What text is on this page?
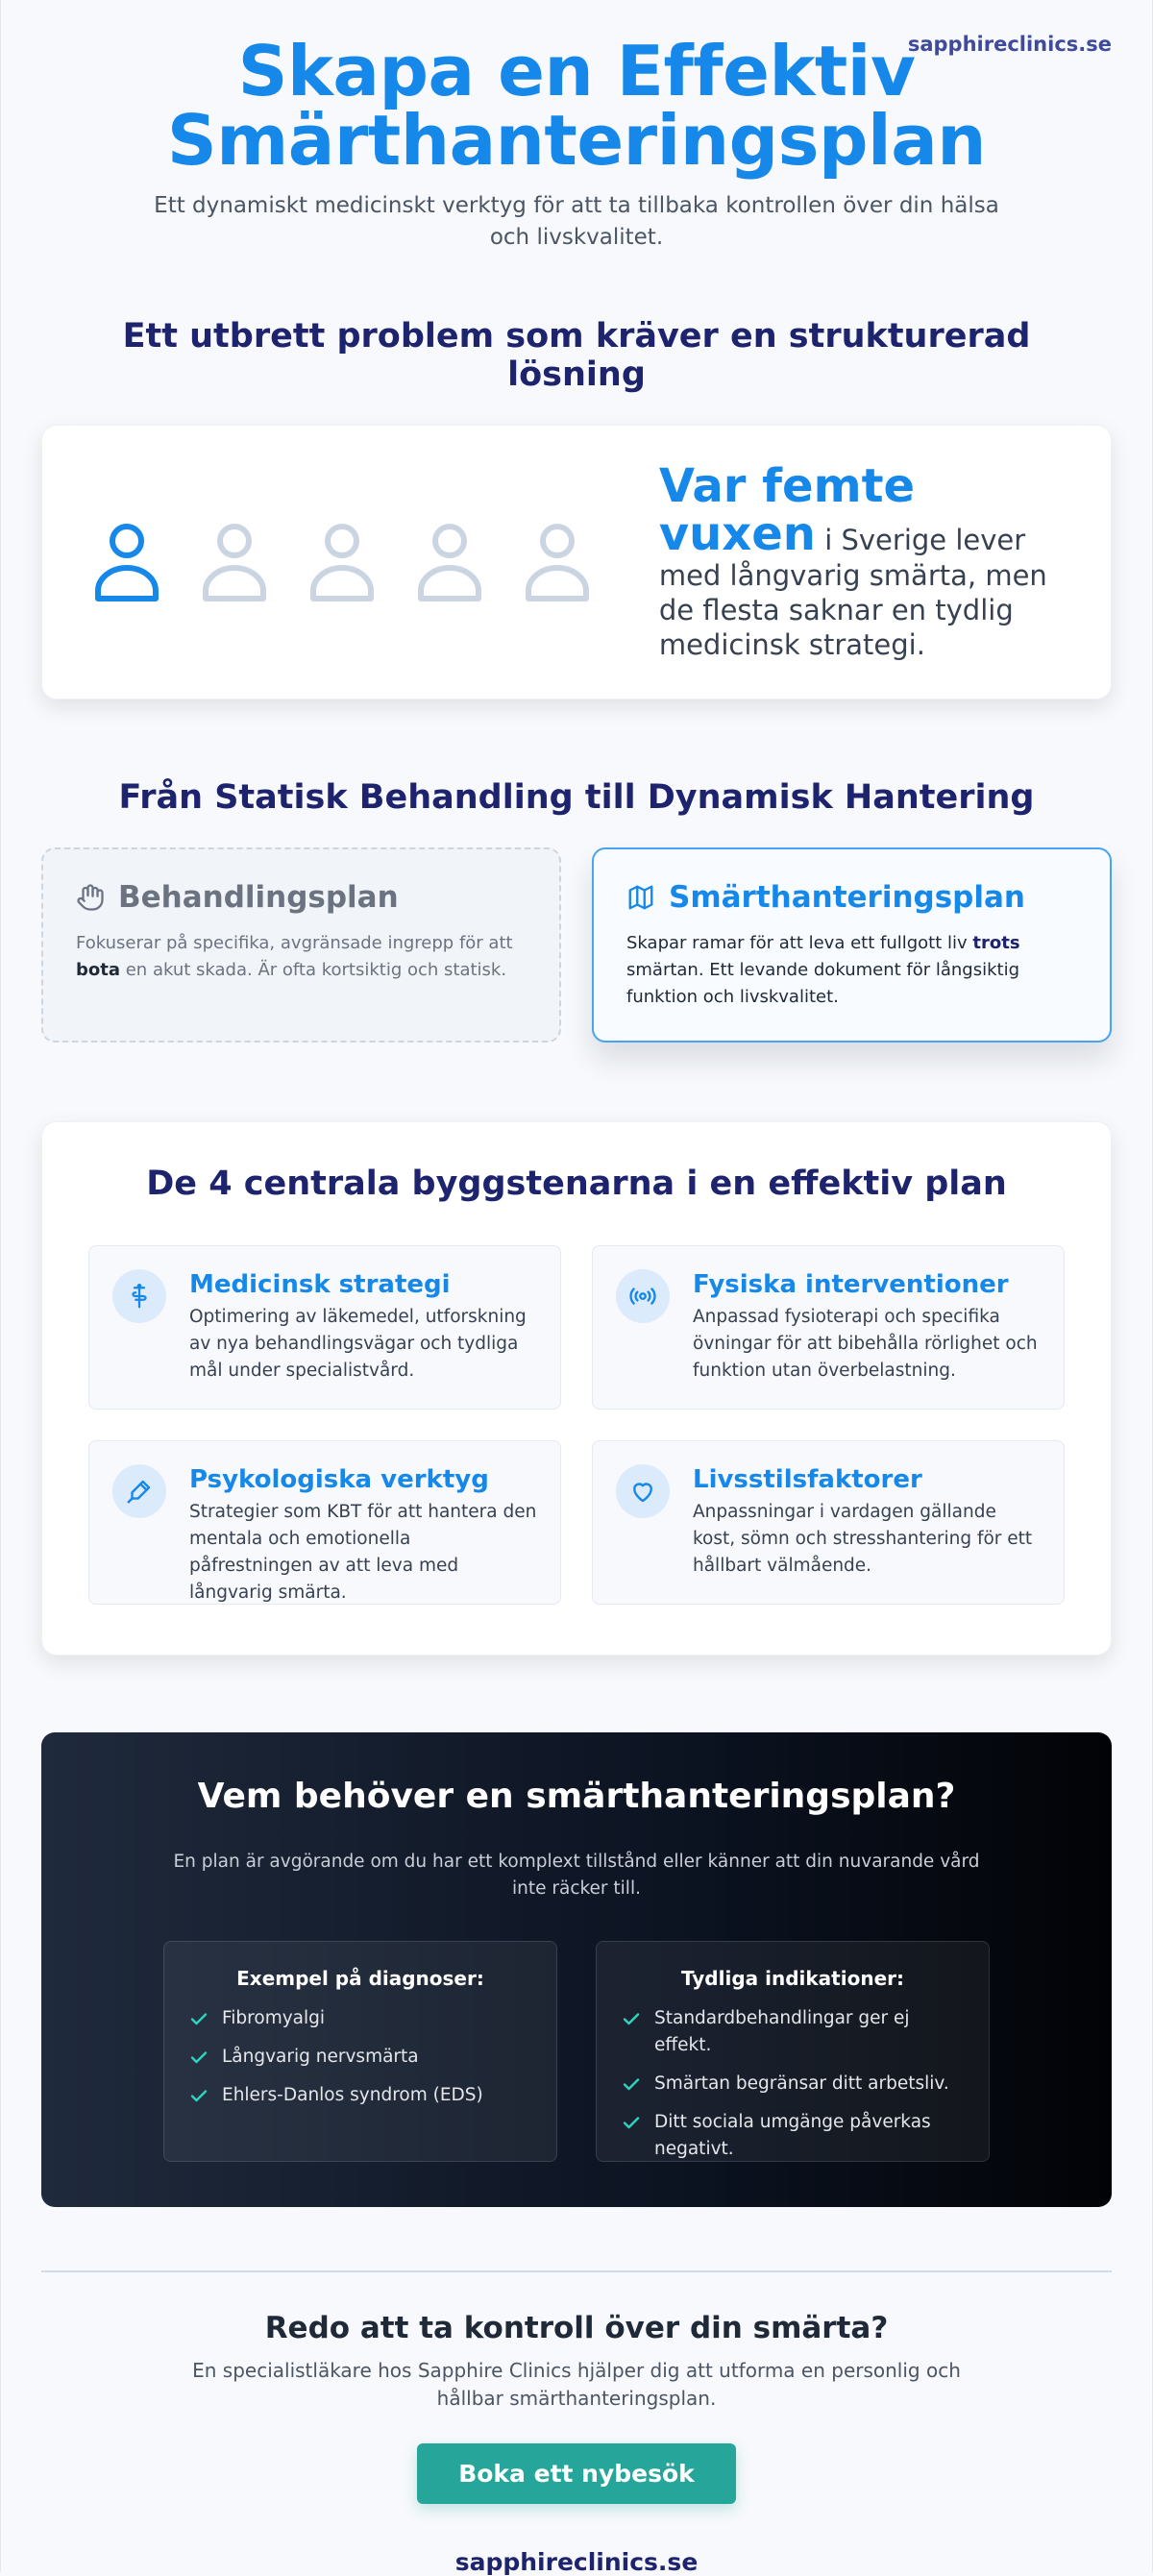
sapphireclinics.se
Skapa en Effektiv
Smärthanteringsplan

Ett dynamiskt medicinskt verktyg för att ta tillbaka kontrollen över din hälsa och livskvalitet.

Ett utbrett problem som kräver en strukturerad lösning

Var femte vuxen i Sverige lever med långvarig smärta, men de flesta saknar en tydlig medicinsk strategi.

Från Statisk Behandling till Dynamisk Hantering
Behandlingsplan

Fokuserar på specifika, avgränsade ingrepp för att bota en akut skada. Är ofta kortsiktig och statisk.

Smärthanteringsplan

Skapar ramar för att leva ett fullgott liv trots smärtan. Ett levande dokument för långsiktig funktion och livskvalitet.

De 4 centrala byggstenarna i en effektiv plan
Medicinsk strategi
Optimering av läkemedel, utforskning av nya behandlingsvägar och tydliga mål under specialistvård.
Fysiska interventioner
Anpassad fysioterapi och specifika övningar för att bibehålla rörlighet och funktion utan överbelastning.
Psykologiska verktyg
Strategier som KBT för att hantera den mentala och emotionella påfrestningen av att leva med långvarig smärta.
Livsstilsfaktorer
Anpassningar i vardagen gällande kost, sömn och stresshantering för ett hållbart välmående.
Vem behöver en smärthanteringsplan?

En plan är avgörande om du har ett komplext tillstånd eller känner att din nuvarande vård inte räcker till.

Exempel på diagnoser:
Fibromyalgi
Långvarig nervsmärta
Ehlers-Danlos syndrom (EDS)
Tydliga indikationer:
Standardbehandlingar ger ej effekt.
Smärtan begränsar ditt arbetsliv.
Ditt sociala umgänge påverkas negativt.
Redo att ta kontroll över din smärta?

En specialistläkare hos Sapphire Clinics hjälper dig att utforma en personlig och hållbar smärthanteringsplan.

Boka ett nybesök
sapphireclinics.se
